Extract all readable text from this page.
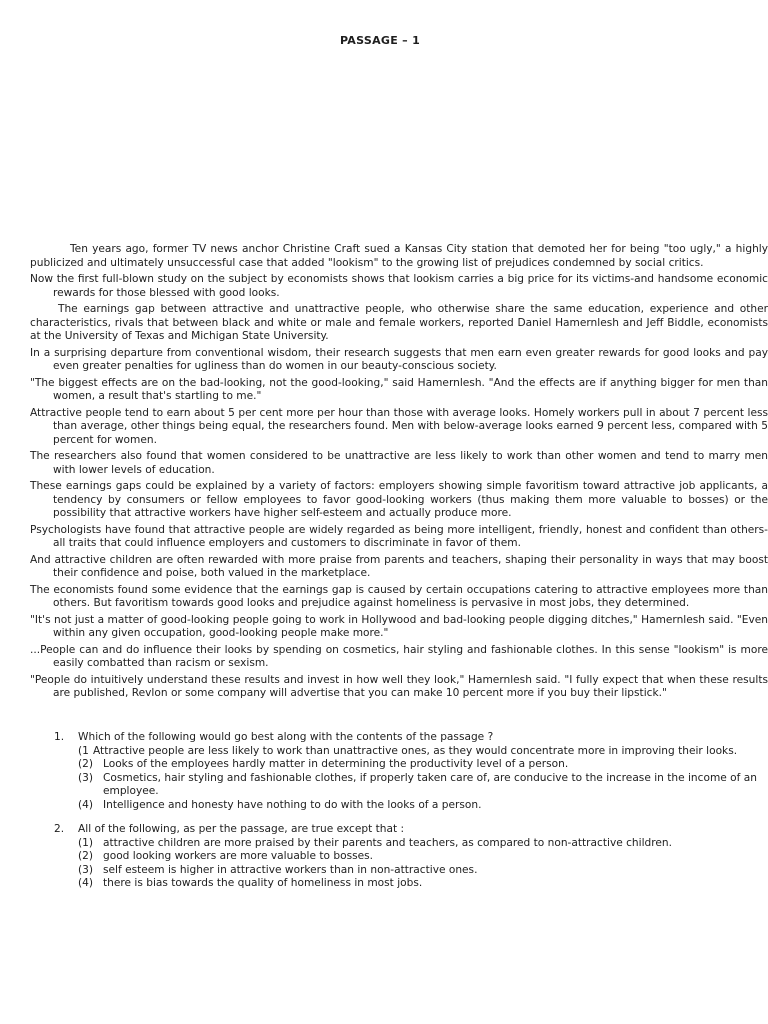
PASSAGE – 1

Ten years ago, former TV news anchor Christine Craft sued a Kansas City station that demoted her for being "too ugly," a highly publicized and ultimately unsuccessful case that added "lookism" to the growing list of prejudices condemned by social critics.

Now the first full-blown study on the subject by economists shows that lookism carries a big price for its victims-and handsome economic rewards for those blessed with good looks.

The earnings gap between attractive and unattractive people, who otherwise share the same education, experience and other characteristics, rivals that between black and white or male and female workers, reported Daniel Hamernlesh and Jeff Biddle, economists at the University of Texas and Michigan State University.

In a surprising departure from conventional wisdom, their research suggests that men earn even greater rewards for good looks and pay even greater penalties for ugliness than do women in our beauty-conscious society.

"The biggest effects are on the bad-looking, not the good-looking," said Hamernlesh. "And the effects are if anything bigger for men than women, a result that's startling to me."

Attractive people tend to earn about 5 per cent more per hour than those with average looks. Homely workers pull in about 7 percent less than average, other things being equal, the researchers found. Men with below-average looks earned 9 percent less, compared with 5 percent for women.

The researchers also found that women considered to be unattractive are less likely to work than other women and tend to marry men with lower levels of education.

These earnings gaps could be explained by a variety of factors: employers showing simple favoritism toward attractive job applicants, a tendency by consumers or fellow employees to favor good-looking workers (thus making them more valuable to bosses) or the possibility that attractive workers have higher self-esteem and actually produce more.

Psychologists have found that attractive people are widely regarded as being more intelligent, friendly, honest and confident than others-all traits that could influence employers and customers to discriminate in favor of them.

And attractive children are often rewarded with more praise from parents and teachers, shaping their personality in ways that may boost their confidence and poise, both valued in the marketplace.

The economists found some evidence that the earnings gap is caused by certain occupations catering to attractive employees more than others. But favoritism towards good looks and prejudice against homeliness is pervasive in most jobs, they determined.

"It's not just a matter of good-looking people going to work in Hollywood and bad-looking people digging ditches," Hamernlesh said. "Even within any given occupation, good-looking people make more."

...People can and do influence their looks by spending on cosmetics, hair styling and fashionable clothes. In this sense "lookism" is more easily combatted than racism or sexism.

"People do intuitively understand these results and invest in how well they look," Hamernlesh said. "I fully expect that when these results are published, Revlon or some company will advertise that you can make 10 percent more if you buy their lipstick."

1.	Which of the following would go best along with the contents of the passage ?
(1 Attractive people are less likely to work than unattractive ones, as they would concentrate more in improving their looks.
(2) Looks of the employees hardly matter in determining the productivity level of a person.
(3) Cosmetics, hair styling and fashionable clothes, if properly taken care of, are conducive to the increase in the income of an employee.
(4) Intelligence and honesty have nothing to do with the looks of a person.
2.	All of the following, as per the passage, are true except that :
(1) attractive children are more praised by their parents and teachers, as compared to non-attractive children.
(2) good looking workers are more valuable to bosses.
(3) self esteem is higher in attractive workers than in non-attractive ones.
(4) there is bias towards the quality of homeliness in most jobs.
